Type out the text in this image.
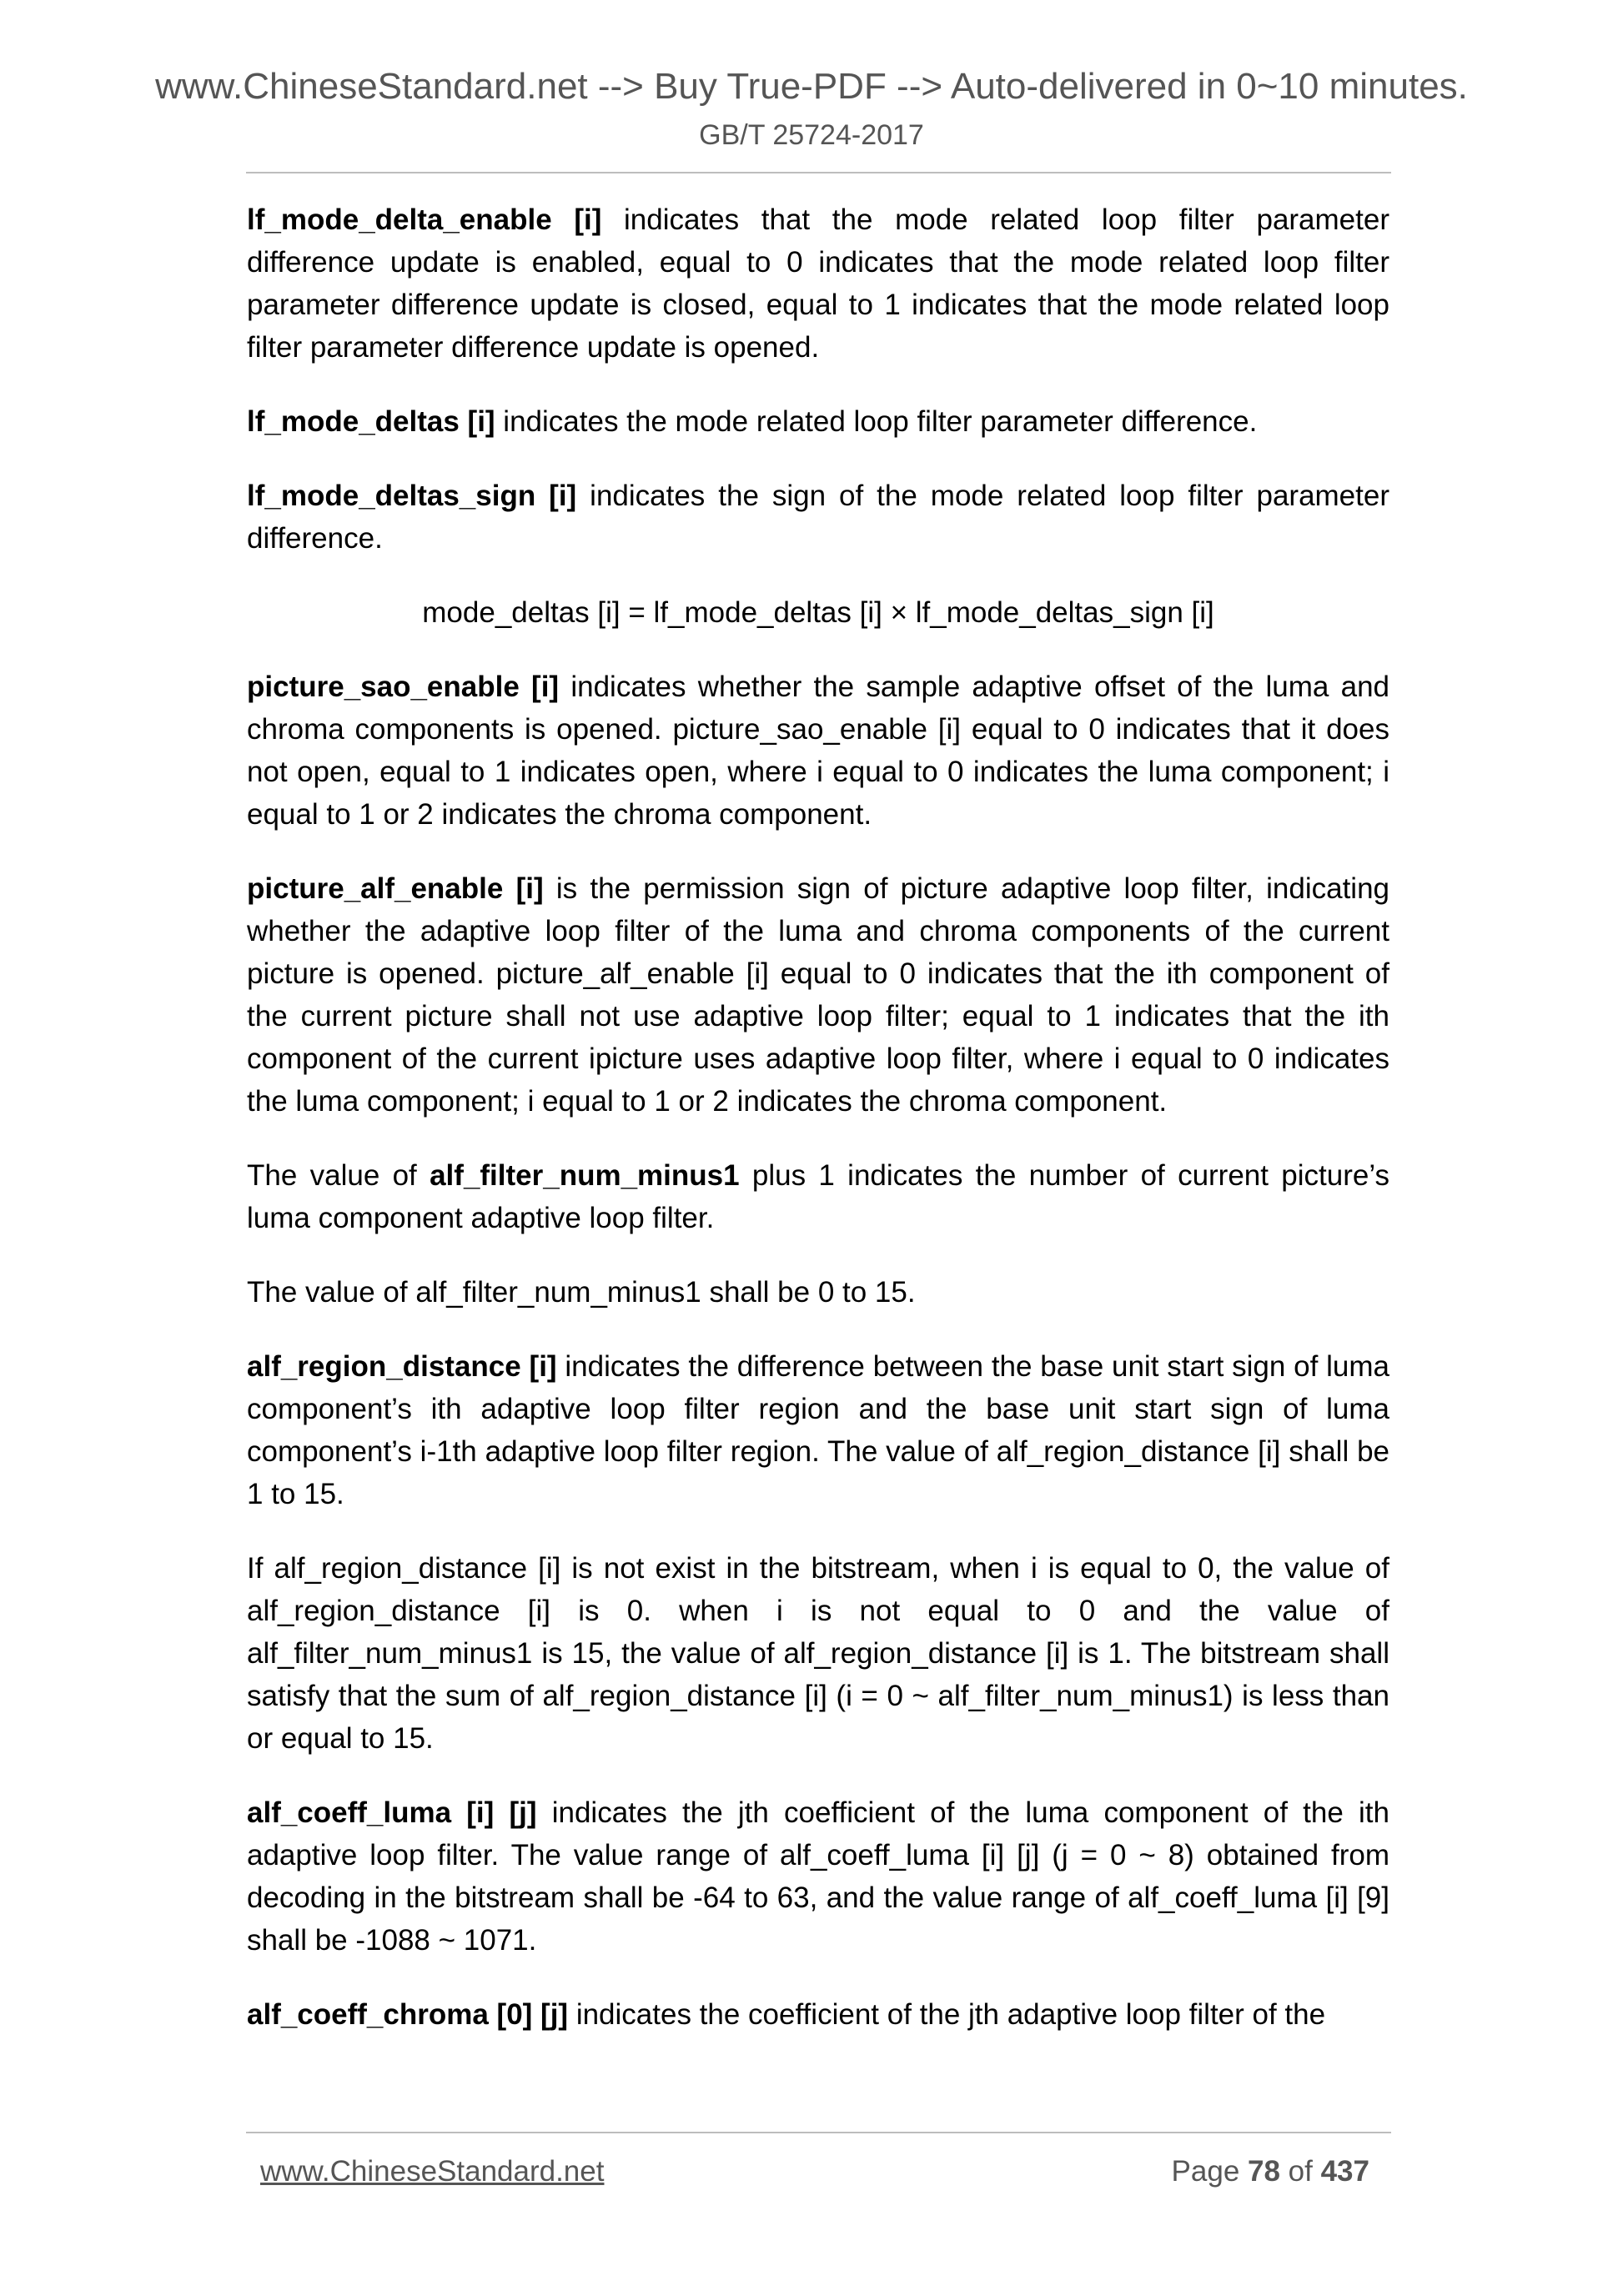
www.ChineseStandard.net --> Buy True-PDF --> Auto-delivered in 0~10 minutes.
GB/T 25724-2017

lf_mode_delta_enable [i] indicates that the mode related loop filter parameter difference update is enabled, equal to 0 indicates that the mode related loop filter parameter difference update is closed, equal to 1 indicates that the mode related loop filter parameter difference update is opened.

lf_mode_deltas [i] indicates the mode related loop filter parameter difference.

lf_mode_deltas_sign [i] indicates the sign of the mode related loop filter parameter difference.

mode_deltas [i] = lf_mode_deltas [i] × lf_mode_deltas_sign [i]

picture_sao_enable [i] indicates whether the sample adaptive offset of the luma and chroma components is opened. picture_sao_enable [i] equal to 0 indicates that it does not open, equal to 1 indicates open, where i equal to 0 indicates the luma component; i equal to 1 or 2 indicates the chroma component.

picture_alf_enable [i] is the permission sign of picture adaptive loop filter, indicating whether the adaptive loop filter of the luma and chroma components of the current picture is opened. picture_alf_enable [i] equal to 0 indicates that the ith component of the current picture shall not use adaptive loop filter; equal to 1 indicates that the ith component of the current ipicture uses adaptive loop filter, where i equal to 0 indicates the luma component; i equal to 1 or 2 indicates the chroma component.

The value of alf_filter_num_minus1 plus 1 indicates the number of current picture’s luma component adaptive loop filter.

The value of alf_filter_num_minus1 shall be 0 to 15.

alf_region_distance [i] indicates the difference between the base unit start sign of luma component’s ith adaptive loop filter region and the base unit start sign of luma component’s i-1th adaptive loop filter region. The value of alf_region_distance [i] shall be 1 to 15.

If alf_region_distance [i] is not exist in the bitstream, when i is equal to 0, the value of alf_region_distance [i] is 0. when i is not equal to 0 and the value of alf_filter_num_minus1 is 15, the value of alf_region_distance [i] is 1. The bitstream shall satisfy that the sum of alf_region_distance [i] (i = 0 ~ alf_filter_num_minus1) is less than or equal to 15.

alf_coeff_luma [i] [j] indicates the jth coefficient of the luma component of the ith adaptive loop filter. The value range of alf_coeff_luma [i] [j] (j = 0 ~ 8) obtained from decoding in the bitstream shall be -64 to 63, and the value range of alf_coeff_luma [i] [9] shall be -1088 ~ 1071.

alf_coeff_chroma [0] [j] indicates the coefficient of the jth adaptive loop filter of the

www.ChineseStandard.net	Page 78 of 437
